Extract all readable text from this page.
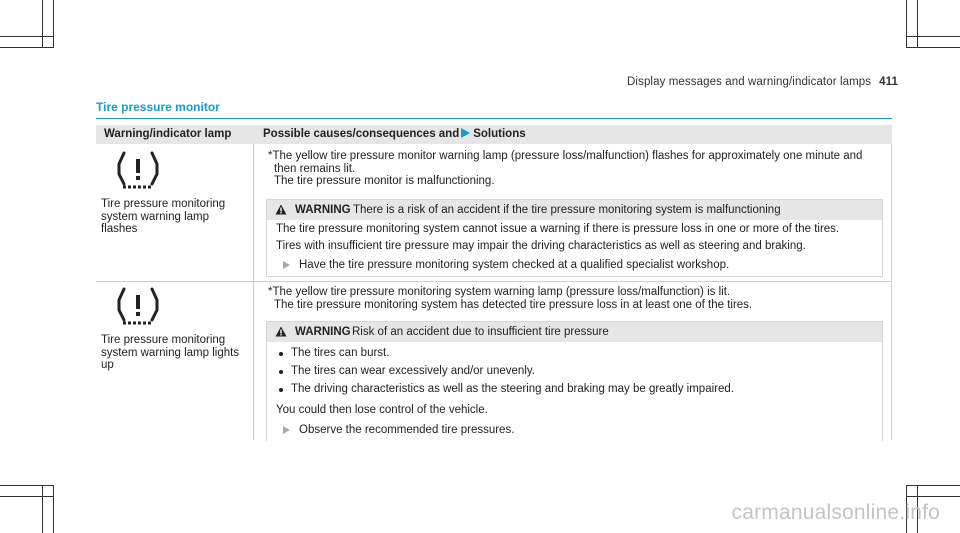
Display messages and warning/indicator lamps 411
Tire pressure monitor
Warning/indicator lamp	Possible causes/consequences and Solutions
Tire pressure monitoring
system warning lamp
flashes
*The yellow tire pressure monitor warning lamp (pressure loss/malfunction) flashes for approximately one minute and
then remains lit.
The tire pressure monitor is malfunctioning.
WARNING There is a risk of an accident if the tire pressure monitoring system is malfunctioning
The tire pressure monitoring system cannot issue a warning if there is pressure loss in one or more of the tires.
Tires with insufficient tire pressure may impair the driving characteristics as well as steering and braking.
Have the tire pressure monitoring system checked at a qualified specialist workshop.
Tire pressure monitoring
system warning lamp lights
up
*The yellow tire pressure monitoring system warning lamp (pressure loss/malfunction) is lit.
The tire pressure monitoring system has detected tire pressure loss in at least one of the tires.
WARNING Risk of an accident due to insufficient tire pressure
The tires can burst.
The tires can wear excessively and/or unevenly.
The driving characteristics as well as the steering and braking may be greatly impaired.
You could then lose control of the vehicle.
Observe the recommended tire pressures.
carmanualsonline.info
